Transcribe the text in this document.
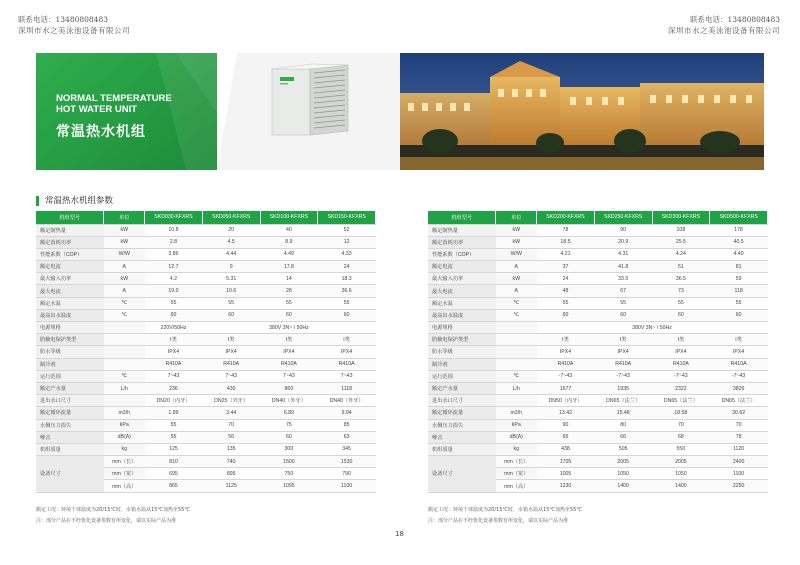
联系电话：13480808483
深圳市水之美泳池设备有限公司
联系电话：13480808483
深圳市水之美泳池设备有限公司
NORMAL TEMPERATURE
HOT WATER UNIT
常温热水机组
常温热水机组参数
机组型号	单位	SKD030-KFXRS	SKD050-KFXRS	SKD100-KFXRS	SKD150-KFXRS
额定制热量	kW	10.8	20	40	52
额定消耗功率	kW	2.8	4.5	8.9	12
性能系数（COP）	W/W	3.86	4.44	4.49	4.33
额定电流	A	12.7	9	17.8	24
最大输入功率	kW	4.2	5.31	14	18.3
最大电流	A	19.0	10.6	28	36.6
额定水温	℃	55	55	55	55
最高出水温度	℃	60	60	60	60
电源规格		220V/50Hz	380V 3N~ / 50Hz		
防触电保护类型		I类	I类	I类	I类
防水等级		IPX4	IPX4	IPX4	IPX4
制冷剂		R410A	R410A	R410A	R410A
运行范围	℃	7~43	7~43	7~43	7~43
额定产水量	L/h	236	430	860	1118
进出水口尺寸		DN20（内牙）	DN25（外牙）	DN40（外牙）	DN40（外牙）
额定循环流量	m3/h	1.89	3.44	6.89	9.94
水侧压力损失	kPa	55	70	75	85
噪音	dB(A)	55	56	60	63
机组质量	kg	125	135	300	345
设备尺寸	mm（长）	810	740	1500	1530
	mm（宽）	695	895	750	790
	mm（高）	865	1125	1095	1100
机组型号	单位	SKD200-KFXRS	SKD250-KFXRS	SKD300-KFXRS	SKD500-KFXRS
额定制热量	kW	78	90	108	178
额定消耗功率	kW	18.5	20.9	25.5	40.5
性能系数（COP）	W/W	4.21	4.31	4.24	4.40
额定电流	A	37	41.8	51	81
最大输入功率	kW	24	33.5	36.5	59
最大电流	A	48	67	73	118
额定水温	℃	55	55	55	55
最高出水温度	℃	60	60	60	60
电源规格		380V 3N~ / 50Hz			
防触电保护类型		I类	I类	I类	I类
防水等级		IPX4	IPX4	IPX4	IPX4
制冷剂		R410A	R410A	R410A	R410A
运行范围	℃	-7~43	-7~43	-7~43	-7~43
额定产水量	L/h	1677	1935	2322	3826
进出水口尺寸		DN50（内牙）	DN65（法兰）	DN65（法兰）	DN65（法兰）
额定循环流量	m3/h	13.42	15.48	18.58	30.62
水侧压力损失	kPa	90	80	70	70
噪音	dB(A)	65	66	68	78
机组质量	kg	438	505	550	1120
设备尺寸	mm（长）	1705	2005	2005	2400
	mm（宽）	1005	1050	1050	1100
	mm（高）	1230	1400	1400	2250
额定工况：环境干球温度为20/15℃时，水箱水温从15℃加热至55℃
注：部分产品在不经优化设备参数有所变化，请以实际产品为准
额定工况：环境干球温度为20/15℃时，水箱水温从15℃加热至55℃
注：部分产品在不经优化设备参数有所变化，请以实际产品为准
18
